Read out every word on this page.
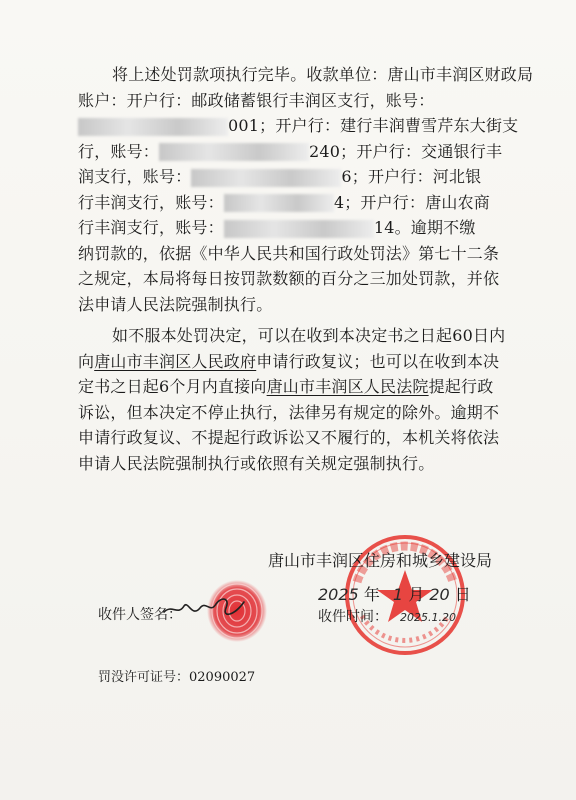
将上述处罚款项执行完毕。收款单位：唐山市丰润区财政局
账户：开户行：邮政储蓄银行丰润区支行，账号：
001；开户行：建行丰润曹雪芹东大街支
行，账号：	240；开户行：交通银行丰
润支行，账号：	6；开户行：河北银
行丰润支行，账号：	4；开户行：唐山农商
行丰润支行，账号：	14。逾期不缴
纳罚款的，依据《中华人民共和国行政处罚法》第七十二条
之规定，本局将每日按罚款数额的百分之三加处罚款，并依
法申请人民法院强制执行。
如不服本处罚决定，可以在收到本决定书之日起60日内
向唐山市丰润区人民政府申请行政复议；也可以在收到本决
定书之日起6个月内直接向唐山市丰润区人民法院提起行政
诉讼，但本决定不停止执行，法律另有规定的除外。逾期不
申请行政复议、不提起行政诉讼又不履行的，本机关将依法
申请人民法院强制执行或依照有关规定强制执行。
唐山市丰润区住房和城乡建设局
2025 年 1 月 20 日
收件人签名：	收件时间： 2025.1.20
罚没许可证号：02090027
